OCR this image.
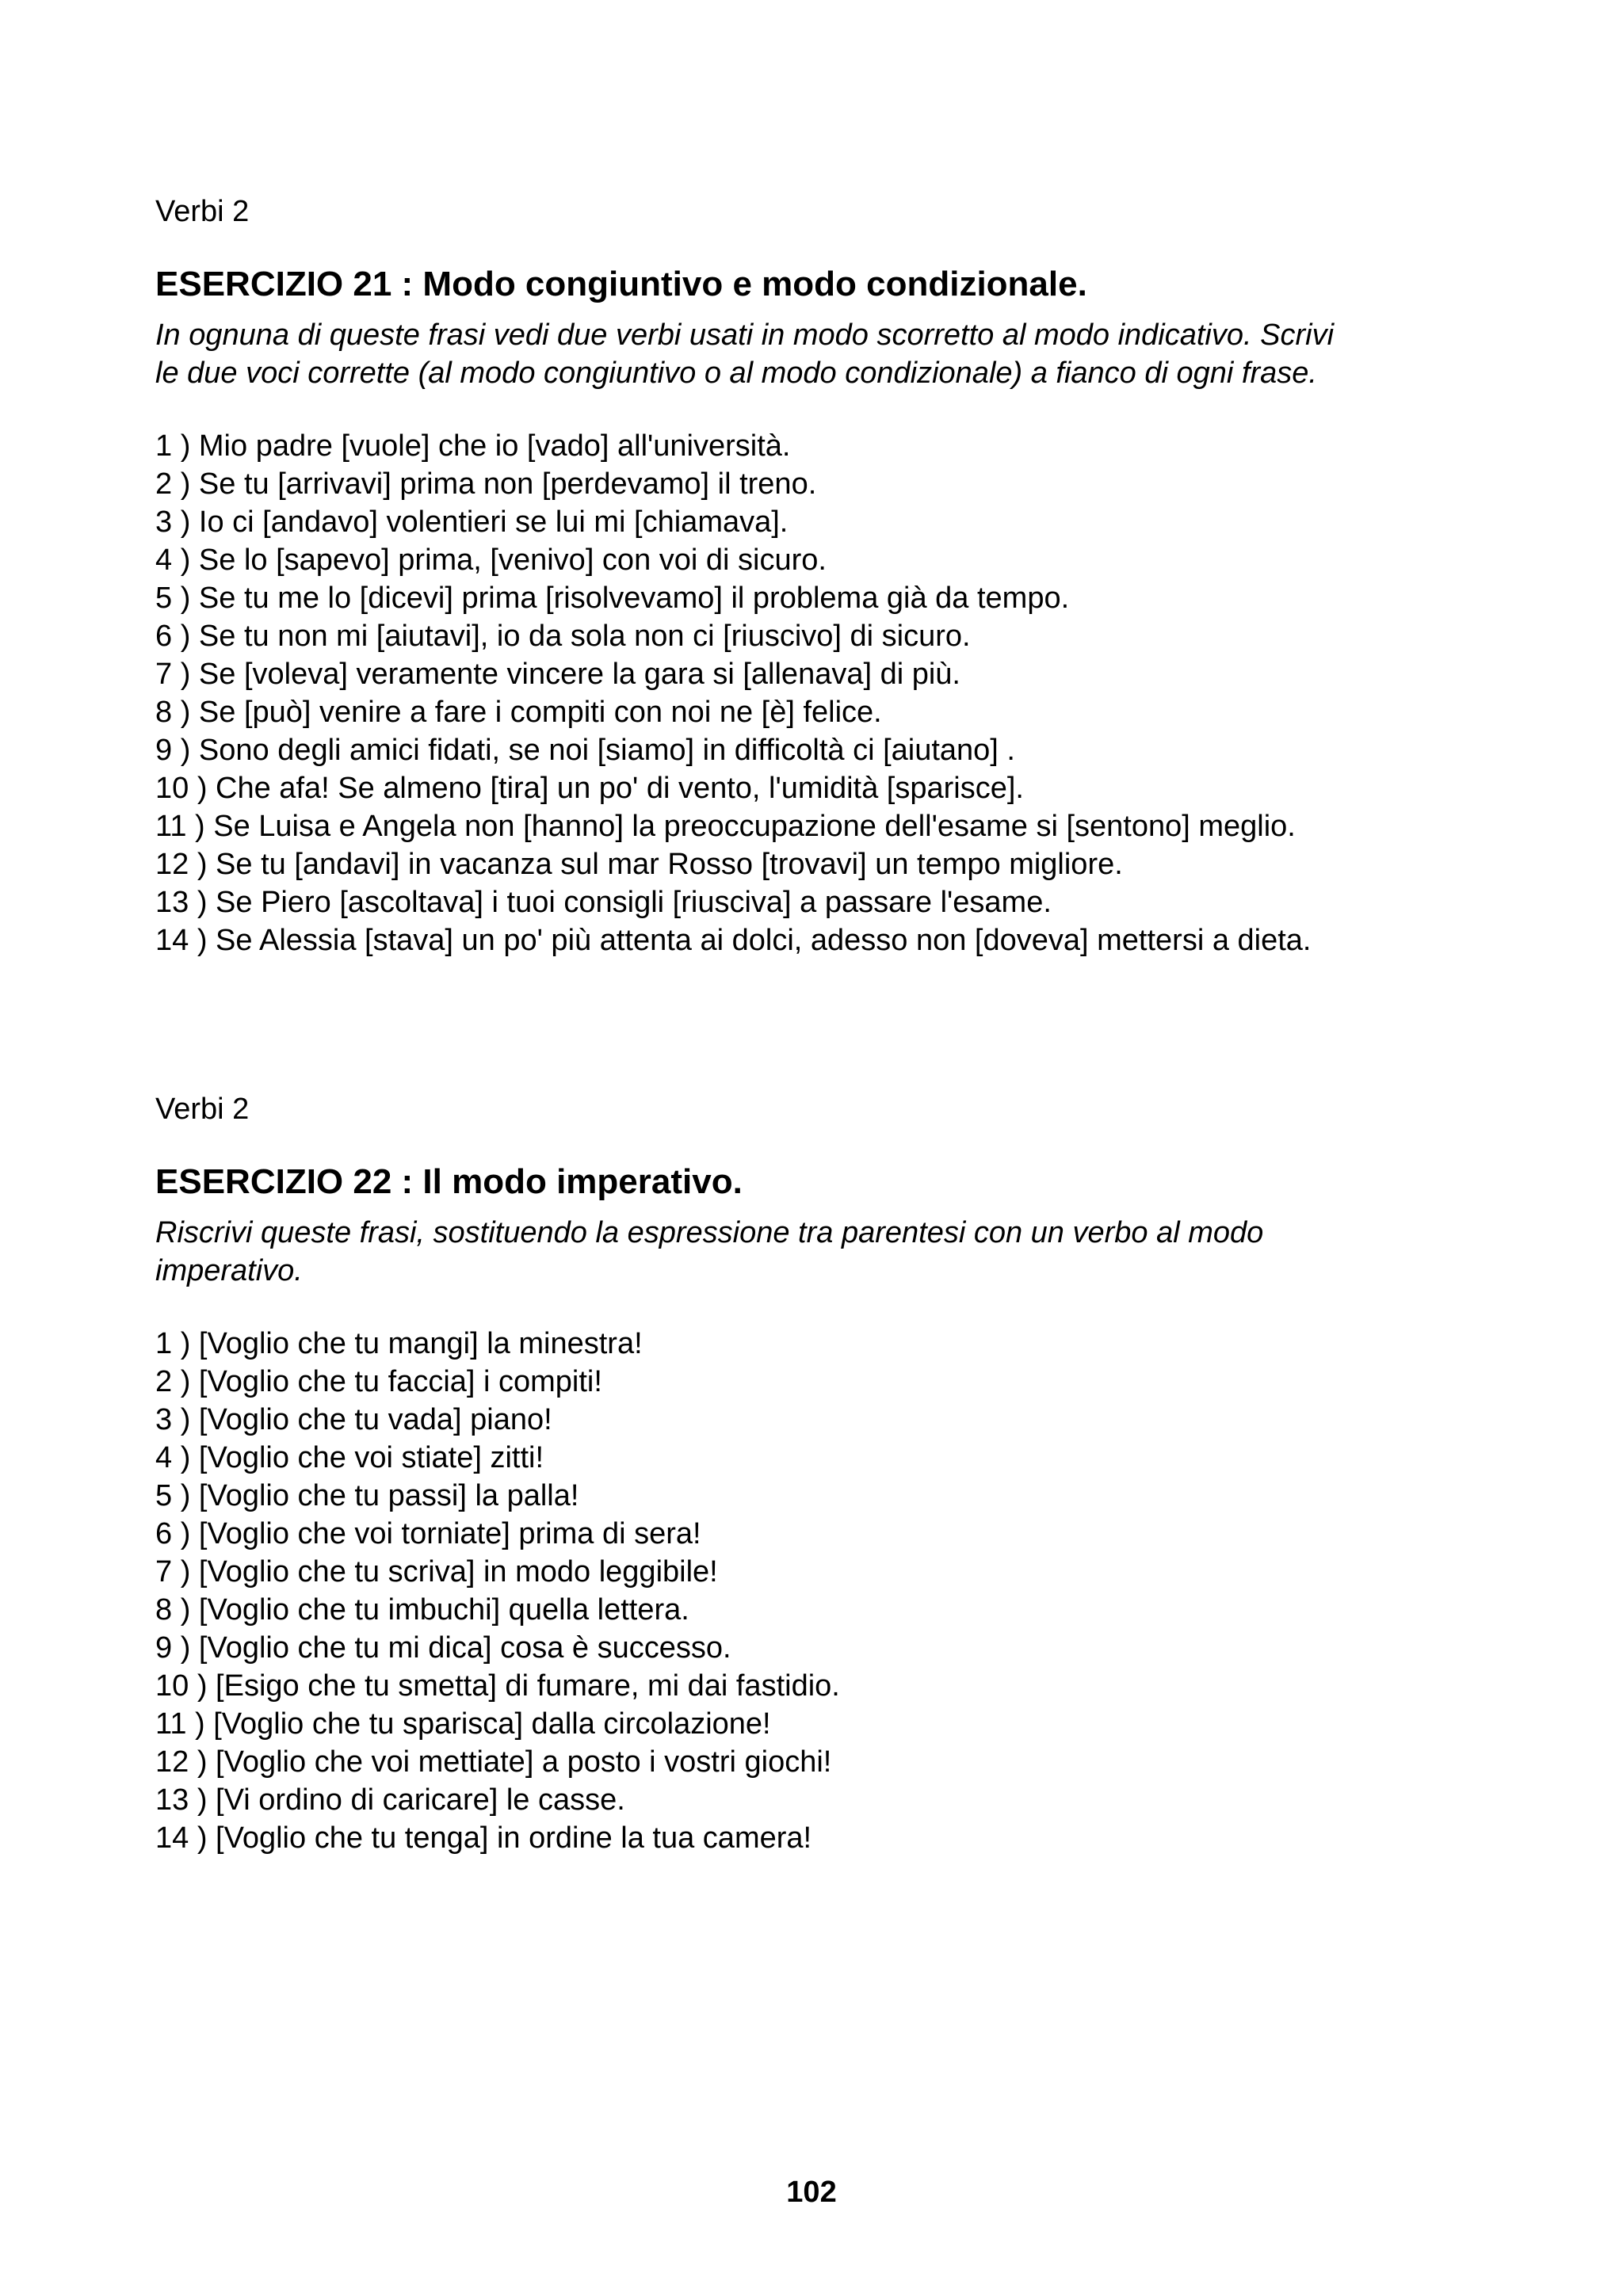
Verbi 2

ESERCIZIO 21 : Modo congiuntivo e modo condizionale.

In ognuna di queste frasi vedi due verbi usati in modo scorretto al modo indicativo. Scrivi
le due voci corrette (al modo congiuntivo o al modo condizionale) a fianco di ogni frase.

1 ) Mio padre [vuole] che io [vado] all'università.
2 ) Se tu [arrivavi] prima non [perdevamo] il treno.
3 ) Io ci [andavo] volentieri se lui mi [chiamava].
4 ) Se lo [sapevo] prima, [venivo] con voi di sicuro.
5 ) Se tu me lo [dicevi] prima [risolvevamo] il problema già da tempo.
6 ) Se tu non mi [aiutavi], io da sola non ci [riuscivo] di sicuro.
7 ) Se [voleva] veramente vincere la gara si [allenava] di più.
8 ) Se [può] venire a fare i compiti con noi ne [è] felice.
9 ) Sono degli amici fidati, se noi [siamo] in difficoltà ci [aiutano] .
10 ) Che afa! Se almeno [tira] un po' di vento, l'umidità [sparisce].
11 ) Se Luisa e Angela non [hanno] la preoccupazione dell'esame si [sentono] meglio.
12 ) Se tu [andavi] in vacanza sul mar Rosso [trovavi] un tempo migliore.
13 ) Se Piero [ascoltava] i tuoi consigli [riusciva] a passare l'esame.
14 ) Se Alessia [stava] un po' più attenta ai dolci, adesso non [doveva] mettersi a dieta.

Verbi 2

ESERCIZIO 22 : Il modo imperativo.

Riscrivi queste frasi, sostituendo la espressione tra parentesi con un verbo al modo
imperativo.

1 ) [Voglio che tu mangi] la minestra!
2 ) [Voglio che tu faccia] i compiti!
3 ) [Voglio che tu vada] piano!
4 ) [Voglio che voi stiate] zitti!
5 ) [Voglio che tu passi] la palla!
6 ) [Voglio che voi torniate] prima di sera!
7 ) [Voglio che tu scriva] in modo leggibile!
8 ) [Voglio che tu imbuchi] quella lettera.
9 ) [Voglio che tu mi dica] cosa è successo.
10 ) [Esigo che tu smetta] di fumare, mi dai fastidio.
11 ) [Voglio che tu sparisca] dalla circolazione!
12 ) [Voglio che voi mettiate] a posto i vostri giochi!
13 ) [Vi ordino di caricare] le casse.
14 ) [Voglio che tu tenga] in ordine la tua camera!
102
